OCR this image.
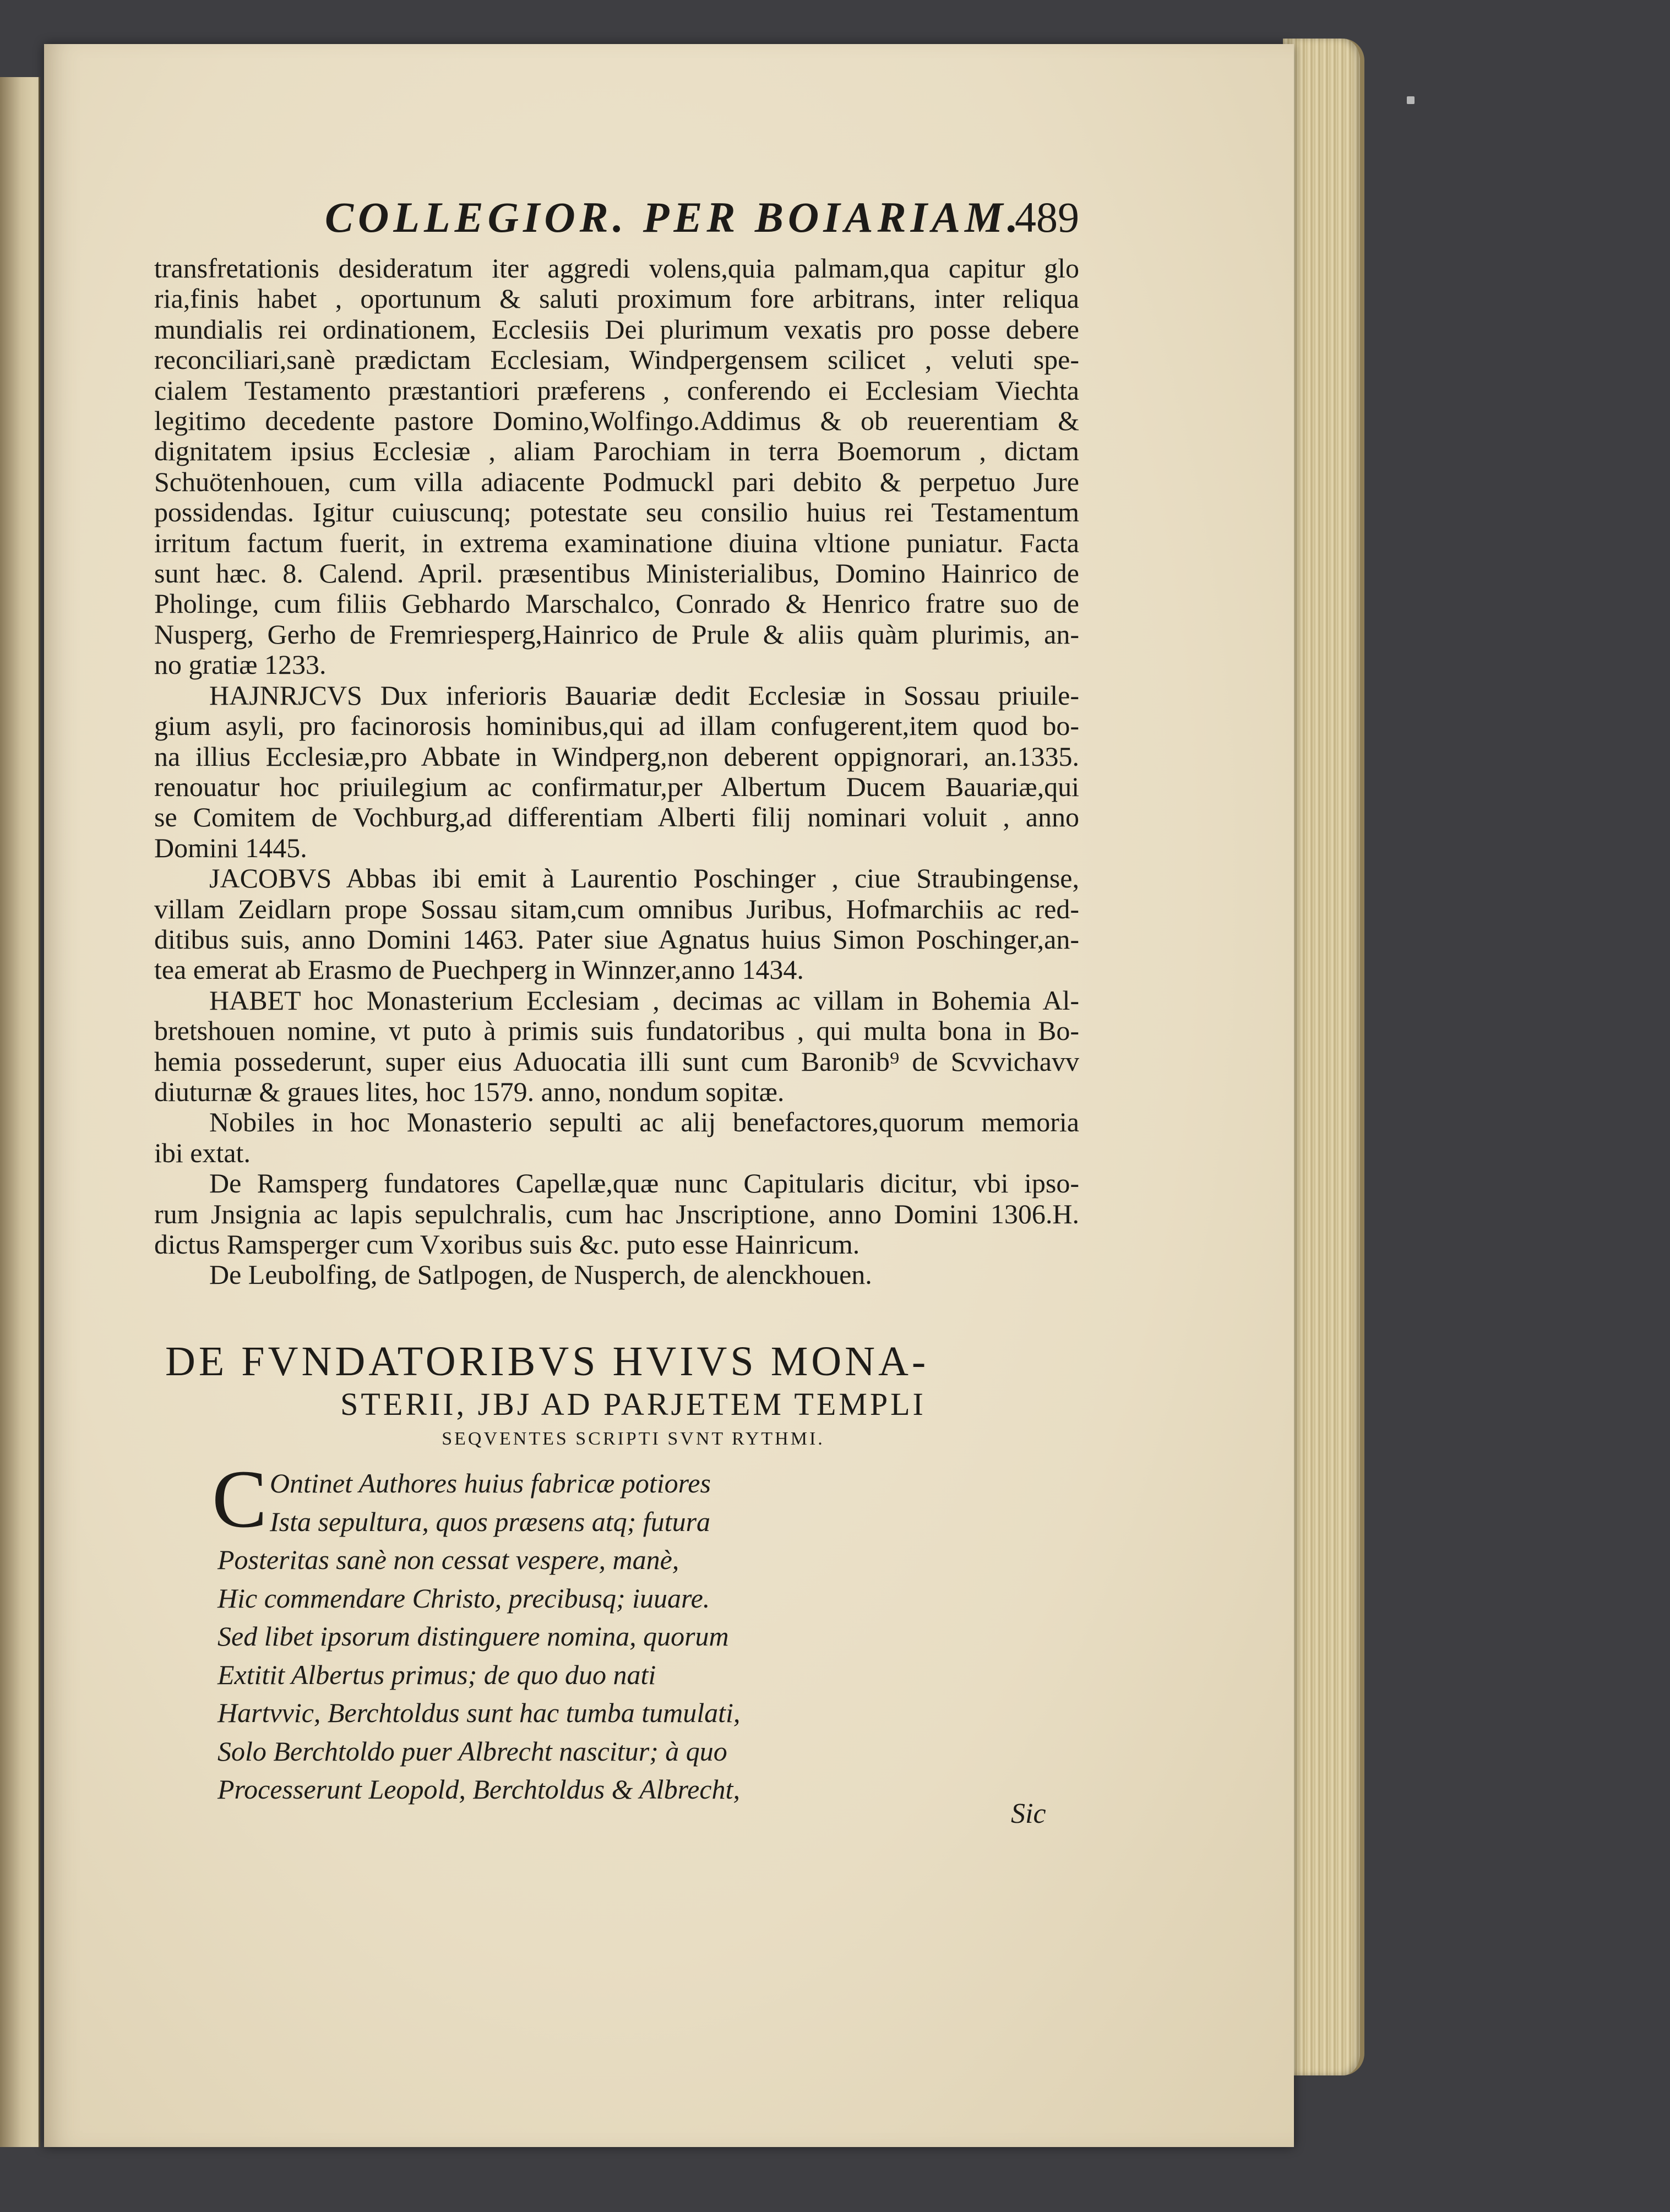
COLLEGIOR. PER BOIARIAM.
489
transfretationis desideratum iter aggredi volens,quia palmam,qua capitur glo
ria,finis habet , oportunum & saluti proximum fore arbitrans, inter reliqua
mundialis rei ordinationem, Ecclesiis Dei plurimum vexatis pro posse debere
reconciliari,sanè prædictam Ecclesiam, Windpergensem scilicet , veluti spe-
cialem Testamento præstantiori præferens , conferendo ei Ecclesiam Viechta
legitimo decedente pastore Domino,Wolfingo.Addimus & ob reuerentiam &
dignitatem ipsius Ecclesiæ , aliam Parochiam in terra Boemorum , dictam
Schuötenhouen, cum villa adiacente Podmuckl pari debito & perpetuo Jure
possidendas. Igitur cuiuscunq; potestate seu consilio huius rei Testamentum
irritum factum fuerit, in extrema examinatione diuina vltione puniatur. Facta
sunt hæc. 8. Calend. April. præsentibus Ministerialibus, Domino Hainrico de
Pholinge, cum filiis Gebhardo Marschalco, Conrado & Henrico fratre suo de
Nusperg, Gerho de Fremriesperg,Hainrico de Prule & aliis quàm plurimis, an-
no gratiæ 1233.
HAJNRJCVS Dux inferioris Bauariæ dedit Ecclesiæ in Sossau priuile-
gium asyli, pro facinorosis hominibus,qui ad illam confugerent,item quod bo-
na illius Ecclesiæ,pro Abbate in Windperg,non deberent oppignorari, an.1335.
renouatur hoc priuilegium ac confirmatur,per Albertum Ducem Bauariæ,qui
se Comitem de Vochburg,ad differentiam Alberti filij nominari voluit , anno
Domini 1445.
JACOBVS Abbas ibi emit à Laurentio Poschinger , ciue Straubingense,
villam Zeidlarn prope Sossau sitam,cum omnibus Juribus, Hofmarchiis ac red-
ditibus suis, anno Domini 1463. Pater siue Agnatus huius Simon Poschinger,an-
tea emerat ab Erasmo de Puechperg in Winnzer,anno 1434.
HABET hoc Monasterium Ecclesiam , decimas ac villam in Bohemia Al-
bretshouen nomine, vt puto à primis suis fundatoribus , qui multa bona in Bo-
hemia possederunt, super eius Aduocatia illi sunt cum Baronib⁹ de Scvvichavv
diuturnæ & graues lites, hoc 1579. anno, nondum sopitæ.
Nobiles in hoc Monasterio sepulti ac alij benefactores,quorum memoria
ibi extat.
De Ramsperg fundatores Capellæ,quæ nunc Capitularis dicitur, vbi ipso-
rum Jnsignia ac lapis sepulchralis, cum hac Jnscriptione, anno Domini 1306.H.
dictus Ramsperger cum Vxoribus suis &c. puto esse Hainricum.
De Leubolfing, de Satlpogen, de Nusperch, de alenckhouen.
DE FVNDATORIBVS HVIVS MONA-
STERII, JBJ AD PARJETEM TEMPLI
SEQVENTES SCRIPTI SVNT RYTHMI.
C Ontinet Authores huius fabricæ potiores
Ista sepultura, quos præsens atq; futura
Posteritas sanè non cessat vespere, manè,
Hic commendare Christo, precibusq; iuuare.
Sed libet ipsorum distinguere nomina, quorum
Extitit Albertus primus; de quo duo nati
Hartvvic, Berchtoldus sunt hac tumba tumulati,
Solo Berchtoldo puer Albrecht nascitur; à quo
Processerunt Leopold, Berchtoldus & Albrecht,
Sic
